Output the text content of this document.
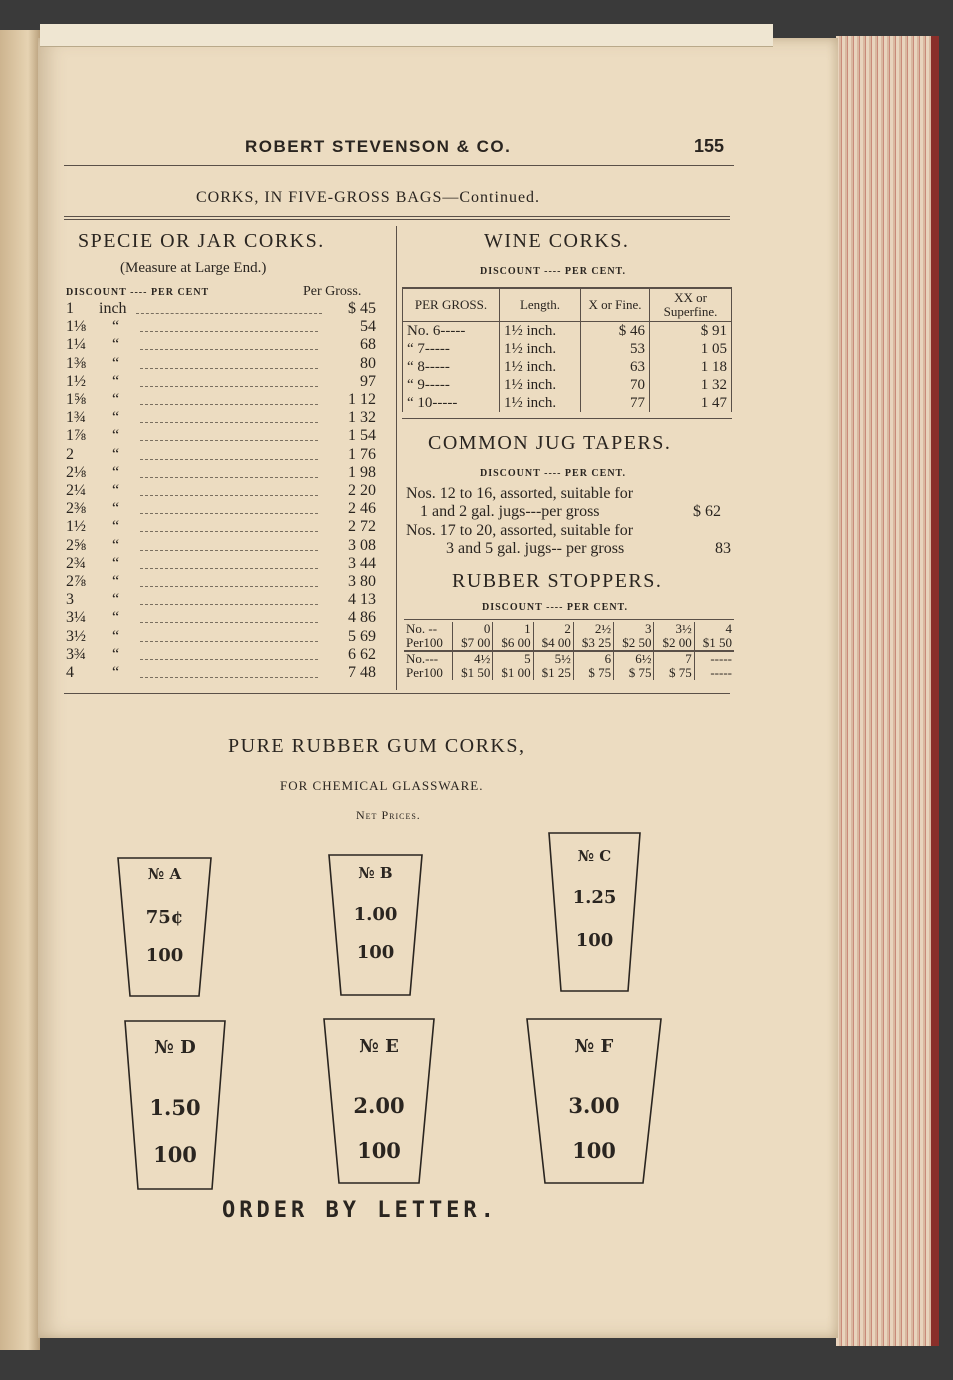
ROBERT STEVENSON & CO.	155
CORKS, IN FIVE-GROSS BAGS—Continued.
SPECIE OR JAR CORKS.
(Measure at Large End.)
DISCOUNT ---- PER CENT	Per Gross.
1 inch	$ 45
1⅛ “	54
1¼ “	68
1⅜ “	80
1½ “	97
1⅝ “	1 12
1¾ “	1 32
1⅞ “	1 54
2 “	1 76
2⅛ “	1 98
2¼ “	2 20
2⅜ “	2 46
1½ “	2 72
2⅝ “	3 08
2¾ “	3 44
2⅞ “	3 80
3 “	4 13
3¼ “	4 86
3½ “	5 69
3¾ “	6 62
4 “	7 48
WINE CORKS.
DISCOUNT ---- PER CENT.
PER GROSS.	Length.	X or Fine.	XX or Superfine.
No. 6-----	1½ inch.	$ 46	$ 91
“ 7-----	1½ inch.	53	1 05
“ 8-----	1½ inch.	63	1 18
“ 9-----	1½ inch.	70	1 32
“ 10-----	1½ inch.	77	1 47
COMMON JUG TAPERS.
DISCOUNT ---- PER CENT.
Nos. 12 to 16, assorted, suitable for
1 and 2 gal. jugs---per gross	$ 62
Nos. 17 to 20, assorted, suitable for
3 and 5 gal. jugs-- per gross	83
RUBBER STOPPERS.
DISCOUNT ---- PER CENT.
No. --	0	1	2	2½	3	3½	4
Per100	$7 00	$6 00	$4 00	$3 25	$2 50	$2 00	$1 50
No.---	4½	5	5½	6	6½	7	-----
Per100	$1 50	$1 00	$1 25	$ 75	$ 75	$ 75	-----
PURE RUBBER GUM CORKS,
FOR CHEMICAL GLASSWARE.
Net Prices.
№ A
75¢
100
№ B
1.00
100
№ C
1.25
100
№ D
1.50
100
№ E
2.00
100
№ F
3.00
100
ORDER BY LETTER.
